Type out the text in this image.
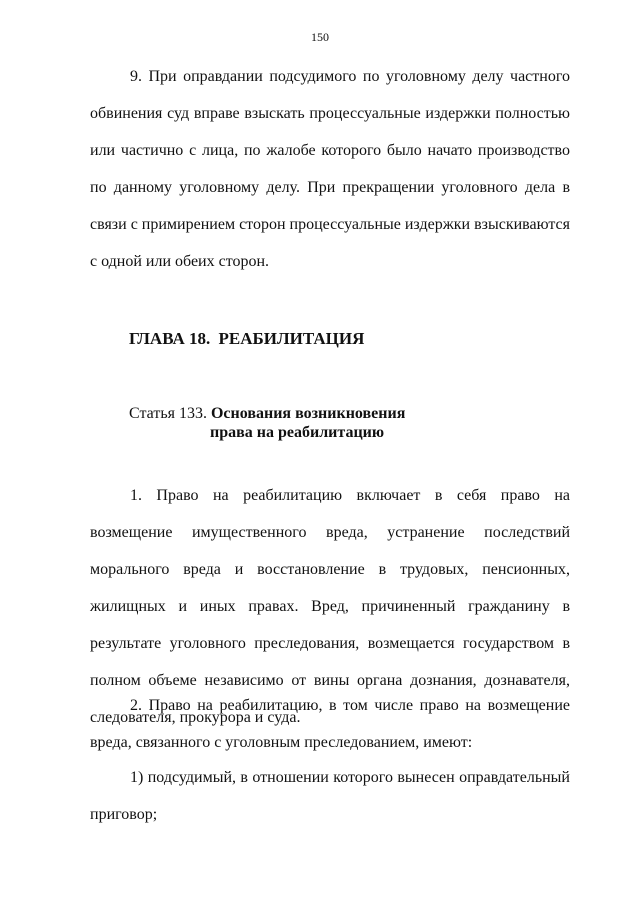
150

9. При оправдании подсудимого по уголовному делу частного обвинения суд вправе взыскать процессуальные издержки полностью или частично с лица, по жалобе которого было начато производство по данному уголовному делу. При прекращении уголовного дела в связи с примирением сторон процессуальные издержки взыскиваются с одной или обеих сторон.

ГЛАВА 18. РЕАБИЛИТАЦИЯ
Статья 133. Основания возникновения
права на реабилитацию

1. Право на реабилитацию включает в себя право на возмещение имущественного вреда, устранение последствий морального вреда и восстановление в трудовых, пенсионных, жилищных и иных правах. Вред, причиненный гражданину в результате уголовного преследования, возмещается государством в полном объеме независимо от вины органа дознания, дознавателя, следователя, прокурора и суда.

2. Право на реабилитацию, в том числе право на возмещение вреда, связанного с уголовным преследованием, имеют:

1) подсудимый, в отношении которого вынесен оправдательный приговор;
